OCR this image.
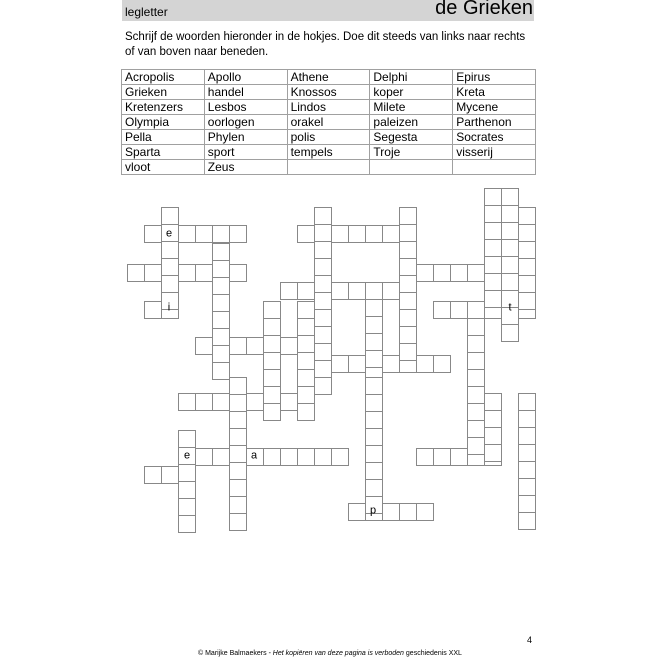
legletter	de Grieken

Schrijf de woorden hieronder in de hokjes. Doe dit steeds van links naar rechts of van boven naar beneden.

Acropolis	Apollo	Athene	Delphi	Epirus
Grieken	handel	Knossos	koper	Kreta
Kretenzers	Lesbos	Lindos	Milete	Mycene
Olympia	oorlogen	orakel	paleizen	Parthenon
Pella	Phylen	polis	Segesta	Socrates
Sparta	sport	tempels	Troje	visserij
vloot	Zeus			
e
i	t
e	a
p
© Marijke Balmaekers - Het kopiëren van deze pagina is verboden geschiedenis XXL
4
